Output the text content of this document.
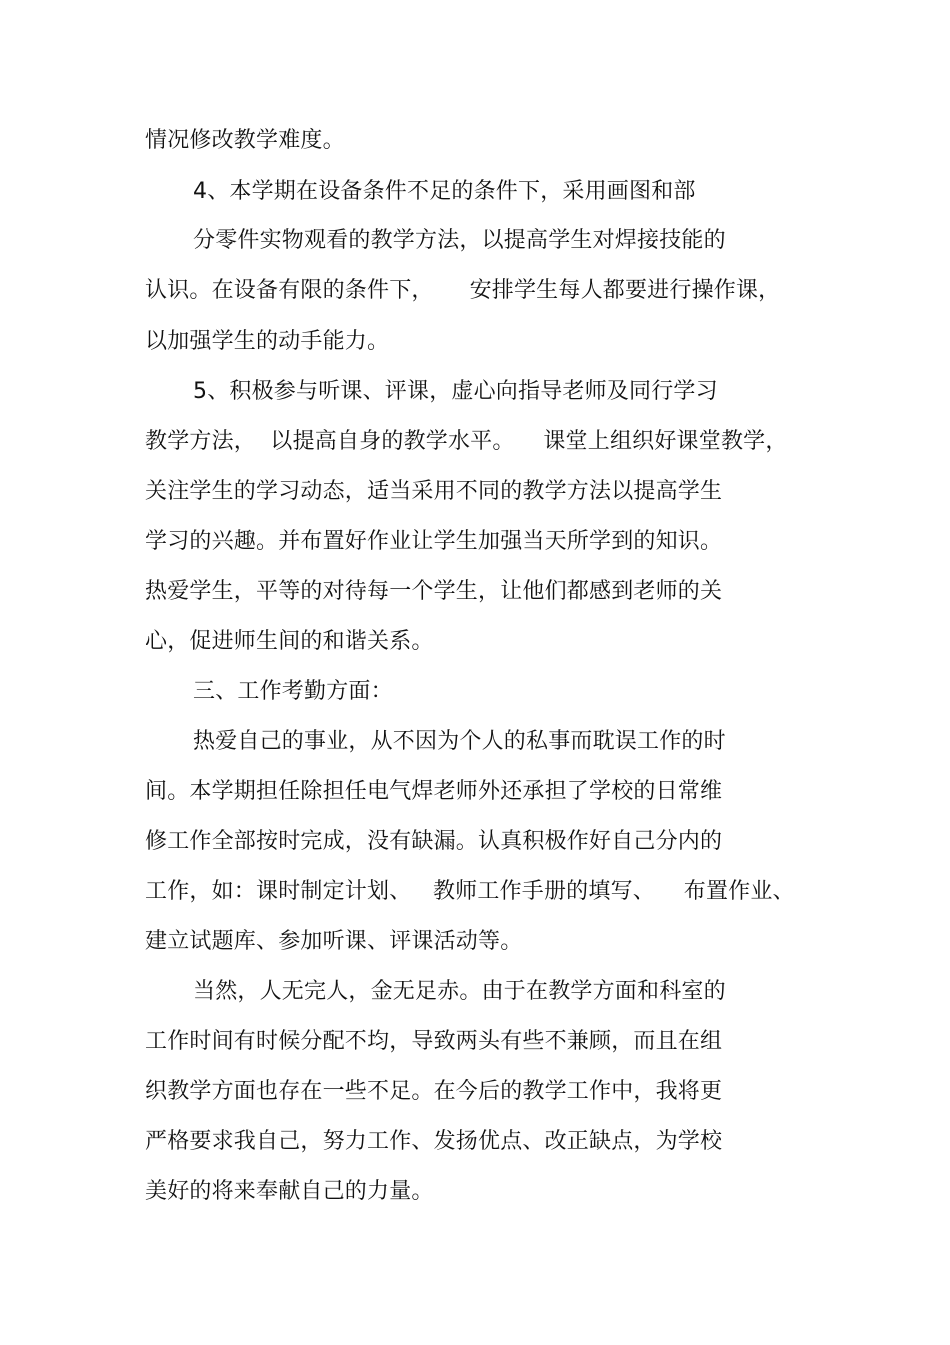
情况修改教学难度。
4、本学期在设备条件不足的条件下，采用画图和部
分零件实物观看的教学方法，以提高学生对焊接技能的
认识。在设备有限的条件下，     安排学生每人都要进行操作课，
以加强学生的动手能力。
5、积极参与听课、评课，虚心向指导老师及同行学习
教学方法，  以提高自身的教学水平。    课堂上组织好课堂教学，
关注学生的学习动态，适当采用不同的教学方法以提高学生
学习的兴趣。并布置好作业让学生加强当天所学到的知识。
热爱学生，平等的对待每一个学生，让他们都感到老师的关
心，促进师生间的和谐关系。
三、工作考勤方面：
热爱自己的事业，从不因为个人的私事而耽误工作的时
间。本学期担任除担任电气焊老师外还承担了学校的日常维
修工作全部按时完成，没有缺漏。认真积极作好自己分内的
工作，如：课时制定计划、   教师工作手册的填写、    布置作业、
建立试题库、参加听课、评课活动等。
当然，人无完人，金无足赤。由于在教学方面和科室的
工作时间有时候分配不均，导致两头有些不兼顾，而且在组
织教学方面也存在一些不足。在今后的教学工作中，我将更
严格要求我自己，努力工作、发扬优点、改正缺点，为学校
美好的将来奉献自己的力量。
